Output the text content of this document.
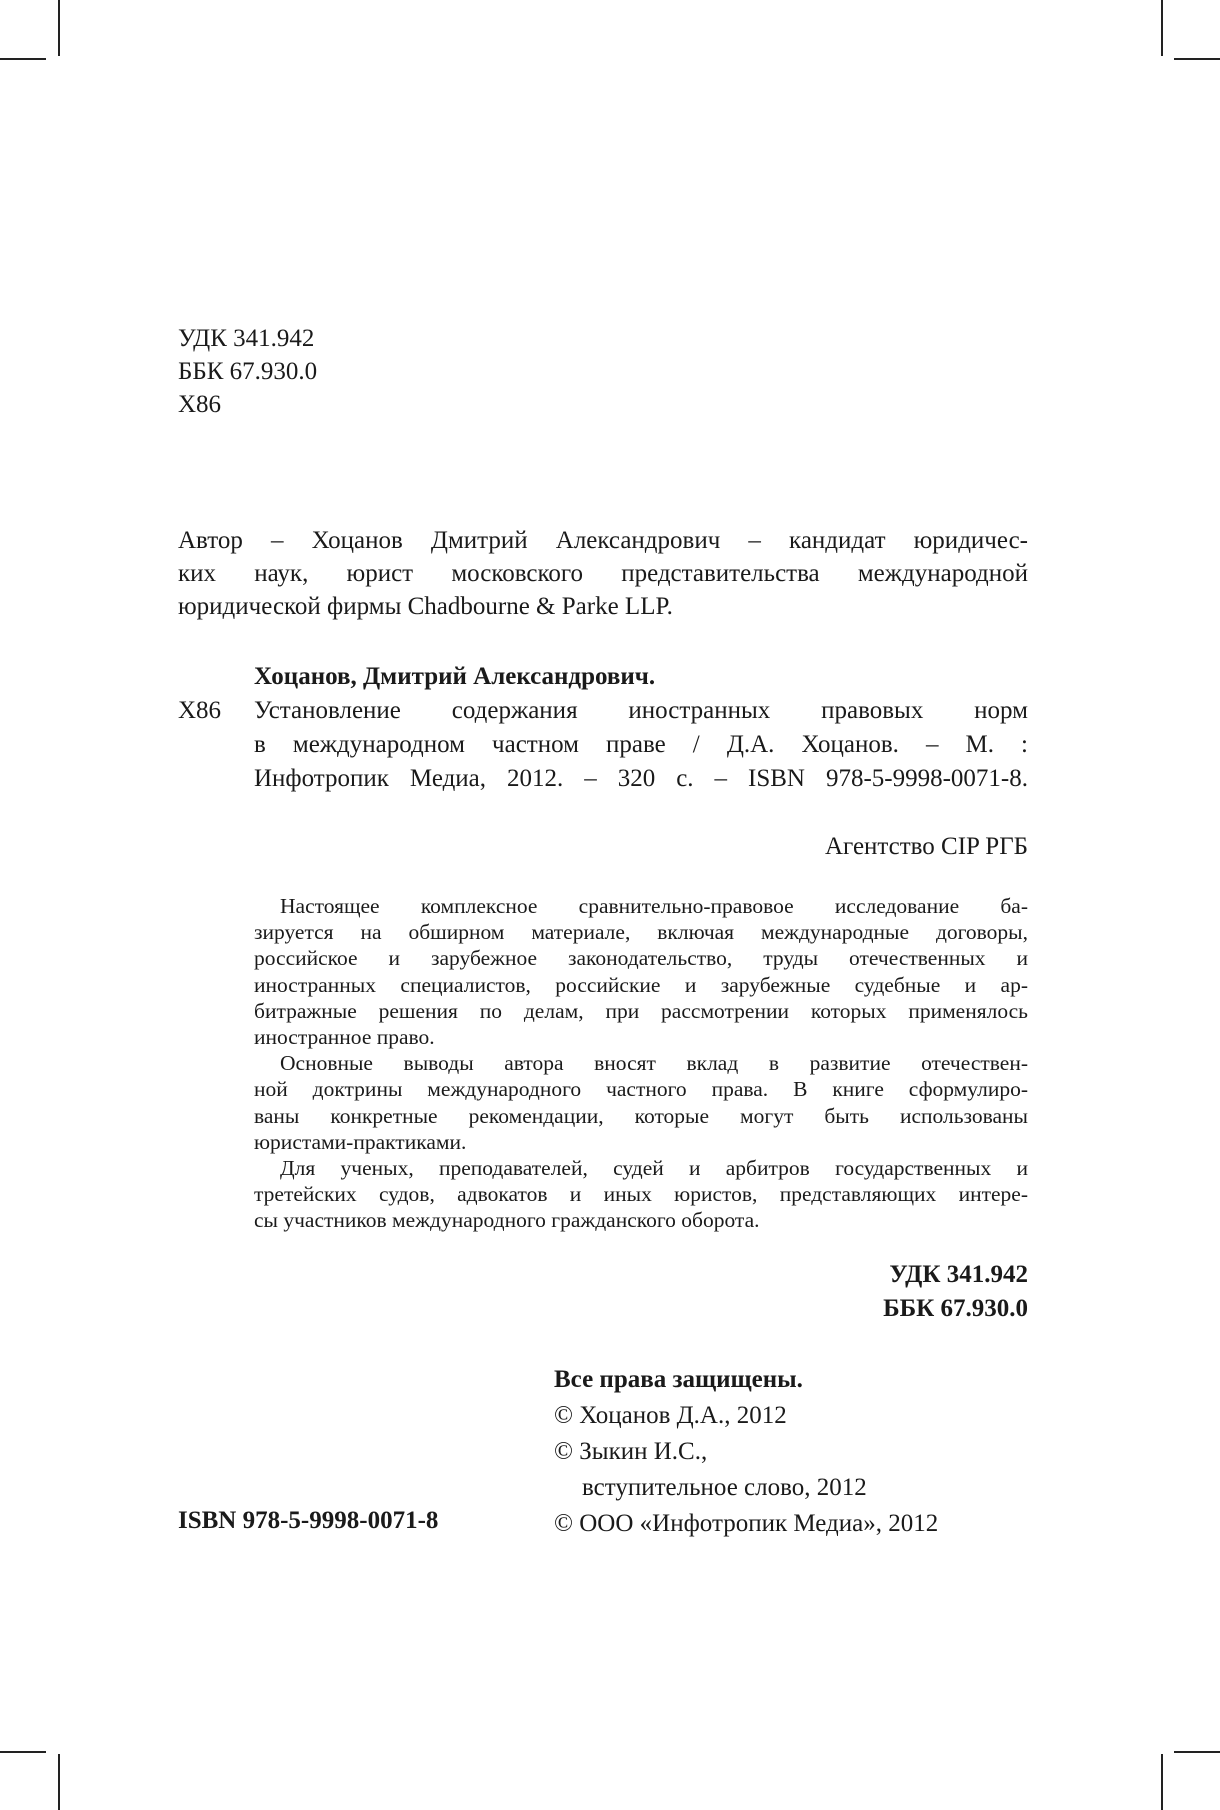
УДК 341.942
ББК 67.930.0
Х86
Автор – Хоцанов Дмитрий Александрович – кандидат юридичес-
ких наук, юрист московского представительства международной
юридической фирмы Chadbourne & Parke LLP.
Хоцанов, Дмитрий Александрович.
Х86 Установление содержания иностранных правовых норм
в международном частном праве / Д.А. Хоцанов. – М. :
Инфотропик Медиа, 2012. – 320 с. – ISBN 978-5-9998-0071-8.
Агентство CIP РГБ
Настоящее комплексное сравнительно-правовое исследование ба-
зируется на обширном материале, включая международные договоры,
российское и зарубежное законодательство, труды отечественных и
иностранных специалистов, российские и зарубежные судебные и ар-
битражные решения по делам, при рассмотрении которых применялось
иностранное право.
Основные выводы автора вносят вклад в развитие отечествен-
ной доктрины международного частного права. В книге сформулиро-
ваны конкретные рекомендации, которые могут быть использованы
юристами-практиками.
Для ученых, преподавателей, судей и арбитров государственных и
третейских судов, адвокатов и иных юристов, представляющих интере-
сы участников международного гражданского оборота.
УДК 341.942
ББК 67.930.0
Все права защищены.
© Хоцанов Д.А., 2012
© Зыкин И.С.,
вступительное слово, 2012
© ООО «Инфотропик Медиа», 2012
ISBN 978-5-9998-0071-8
